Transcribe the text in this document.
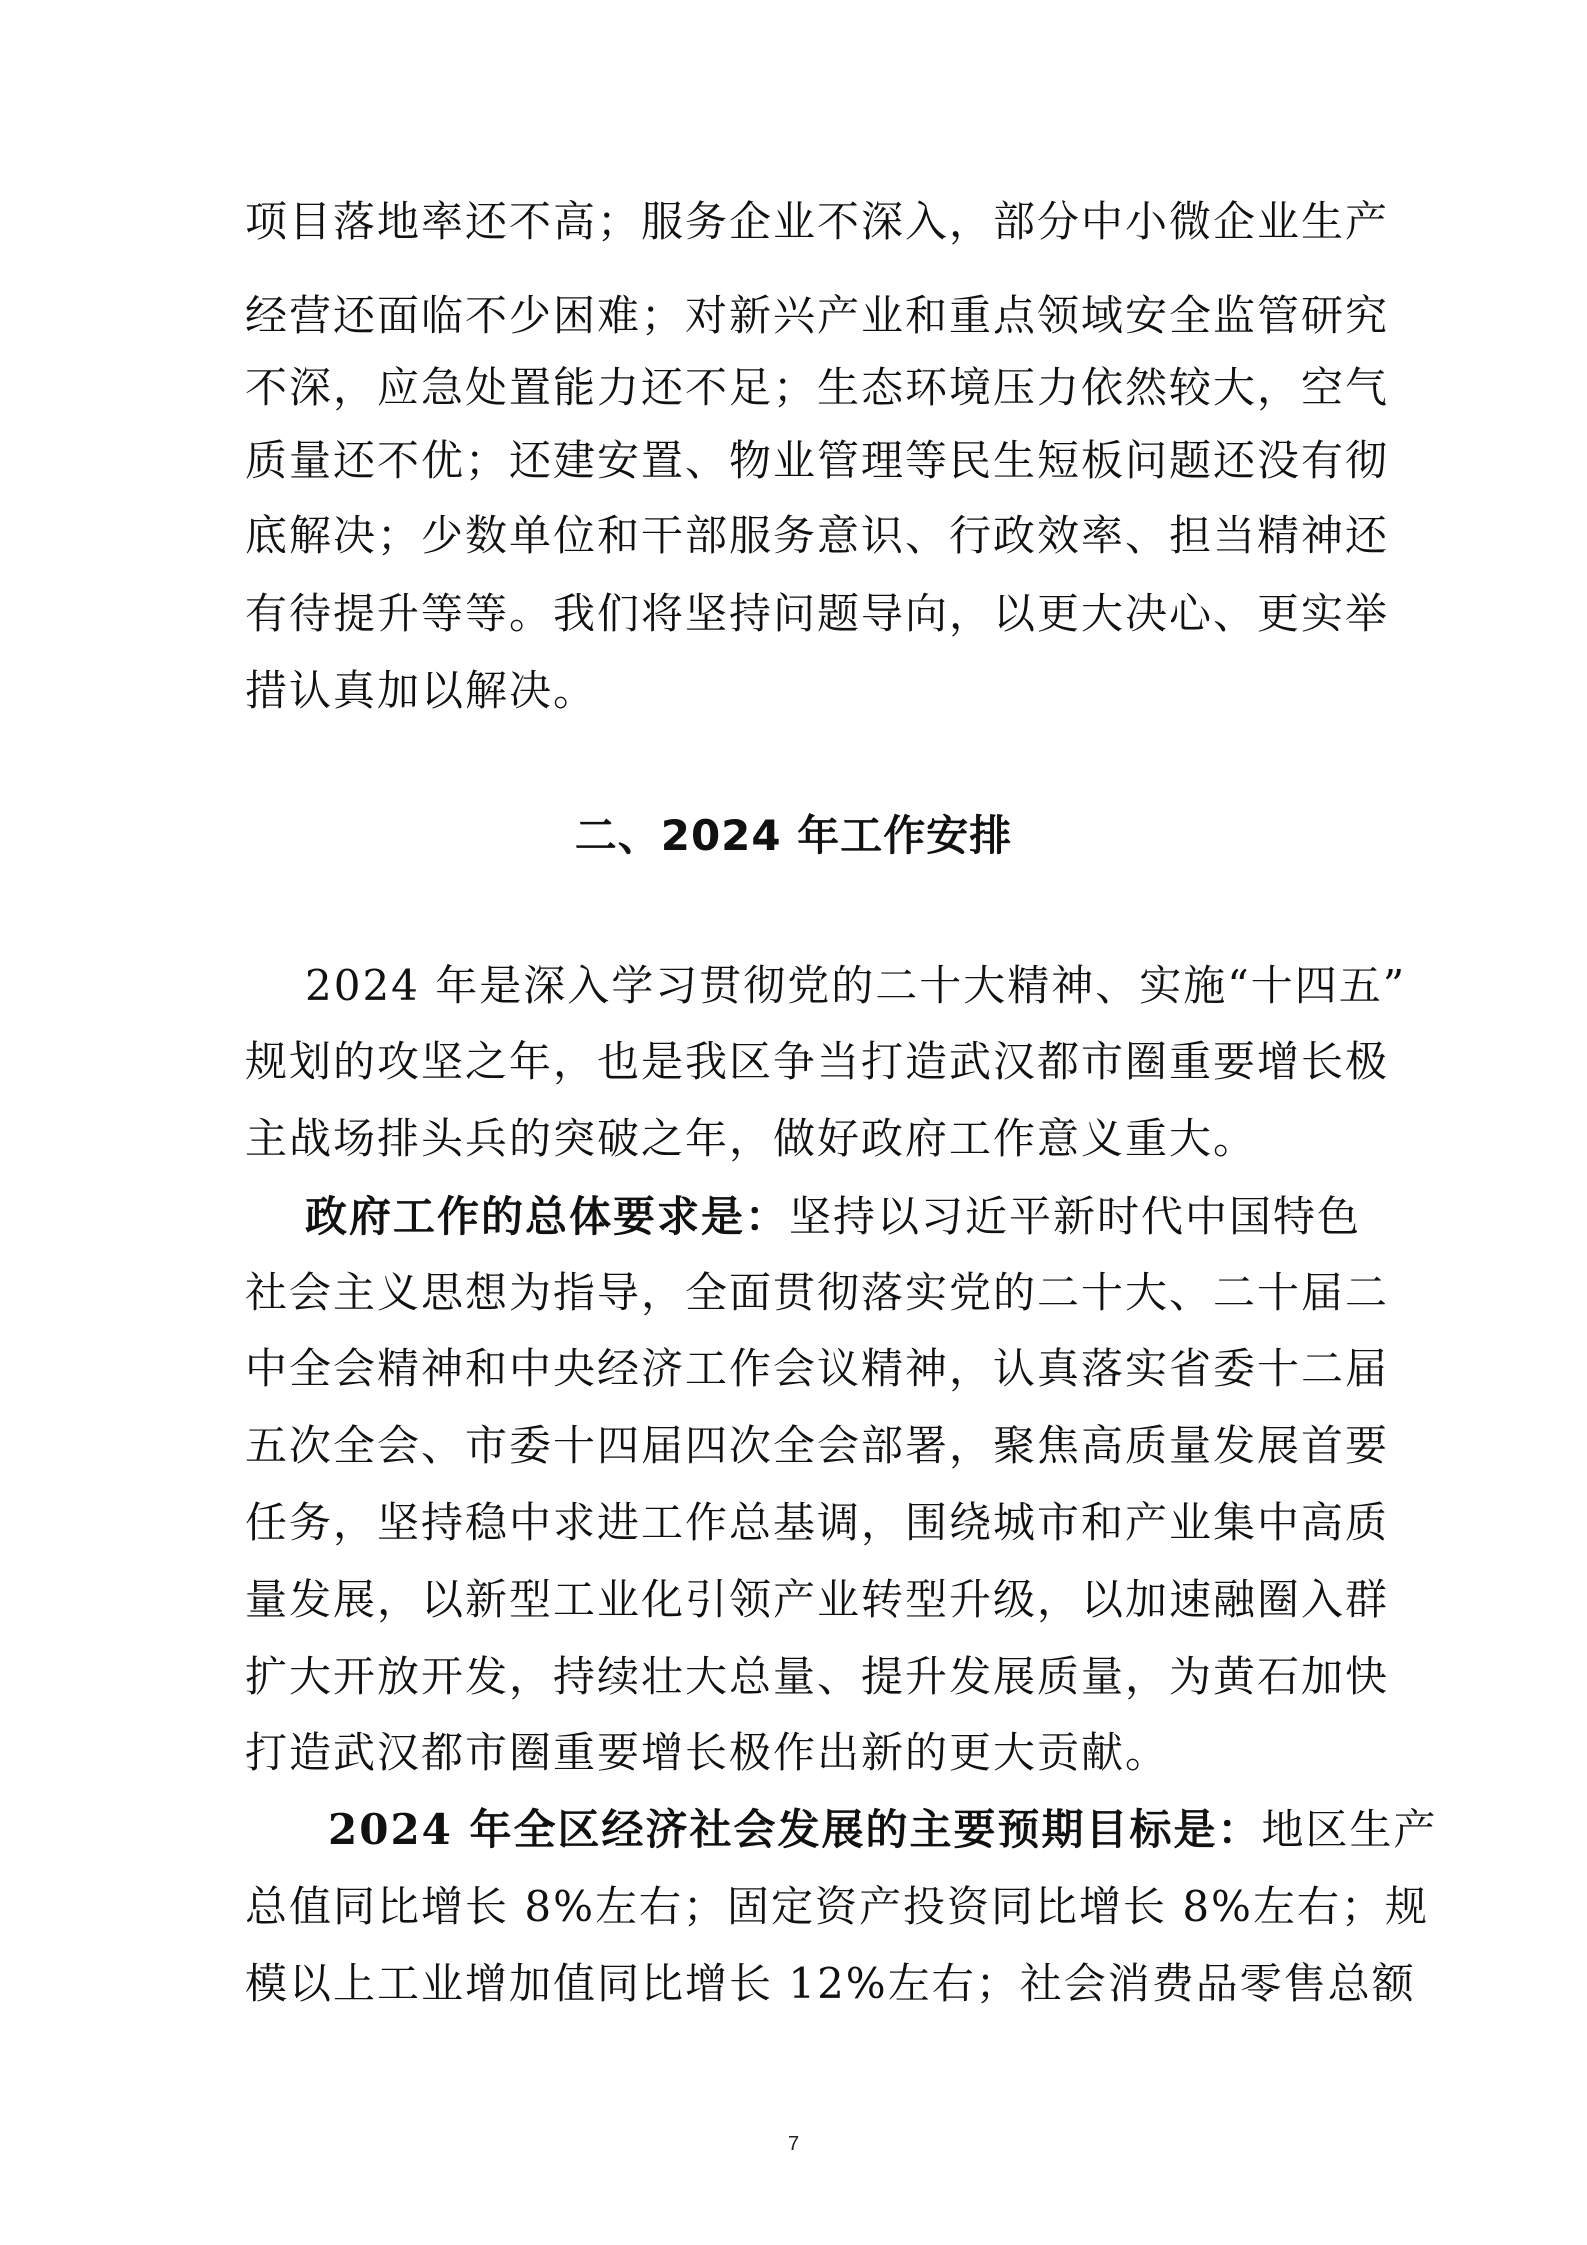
项目落地率还不高；服务企业不深入，部分中小微企业生产
经营还面临不少困难；对新兴产业和重点领域安全监管研究
不深，应急处置能力还不足；生态环境压力依然较大，空气
质量还不优；还建安置、物业管理等民生短板问题还没有彻
底解决；少数单位和干部服务意识、行政效率、担当精神还
有待提升等等。我们将坚持问题导向，以更大决心、更实举
措认真加以解决。
二、2024 年工作安排
2024 年是深入学习贯彻党的二十大精神、实施“十四五”
规划的攻坚之年，也是我区争当打造武汉都市圈重要增长极
主战场排头兵的突破之年，做好政府工作意义重大。
政府工作的总体要求是：坚持以习近平新时代中国特色
社会主义思想为指导，全面贯彻落实党的二十大、二十届二
中全会精神和中央经济工作会议精神，认真落实省委十二届
五次全会、市委十四届四次全会部署，聚焦高质量发展首要
任务，坚持稳中求进工作总基调，围绕城市和产业集中高质
量发展，以新型工业化引领产业转型升级，以加速融圈入群
扩大开放开发，持续壮大总量、提升发展质量，为黄石加快
打造武汉都市圈重要增长极作出新的更大贡献。
2024 年全区经济社会发展的主要预期目标是：地区生产
总值同比增长 8%左右；固定资产投资同比增长 8%左右；规
模以上工业增加值同比增长 12%左右；社会消费品零售总额
7
